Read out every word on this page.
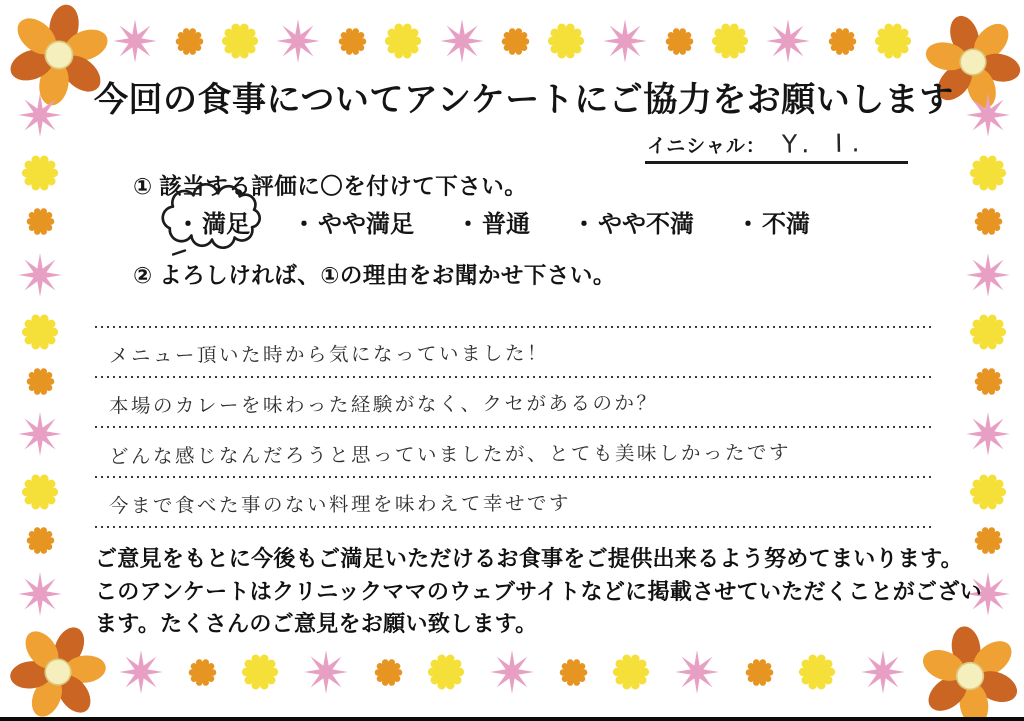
今回の食事についてアンケートにご協力をお願いします
イニシャル： Y. I.
① 該当する評価に〇を付けて下さい。
・ 満足 ・ やや満足 ・ 普通 ・ やや不満 ・ 不満
② よろしければ、①の理由をお聞かせ下さい。
メニュー頂いた時から気になっていました！
本場のカレーを味わった経験がなく、クセがあるのか？
どんな感じなんだろうと思っていましたが、とても美味しかったです
今まで食べた事のない料理を味わえて幸せです
ご意見をもとに今後もご満足いただけるお食事をご提供出来るよう努めてまいります。
このアンケートはクリニックママのウェブサイトなどに掲載させていただくことがござい
ます。たくさんのご意見をお願い致します。
